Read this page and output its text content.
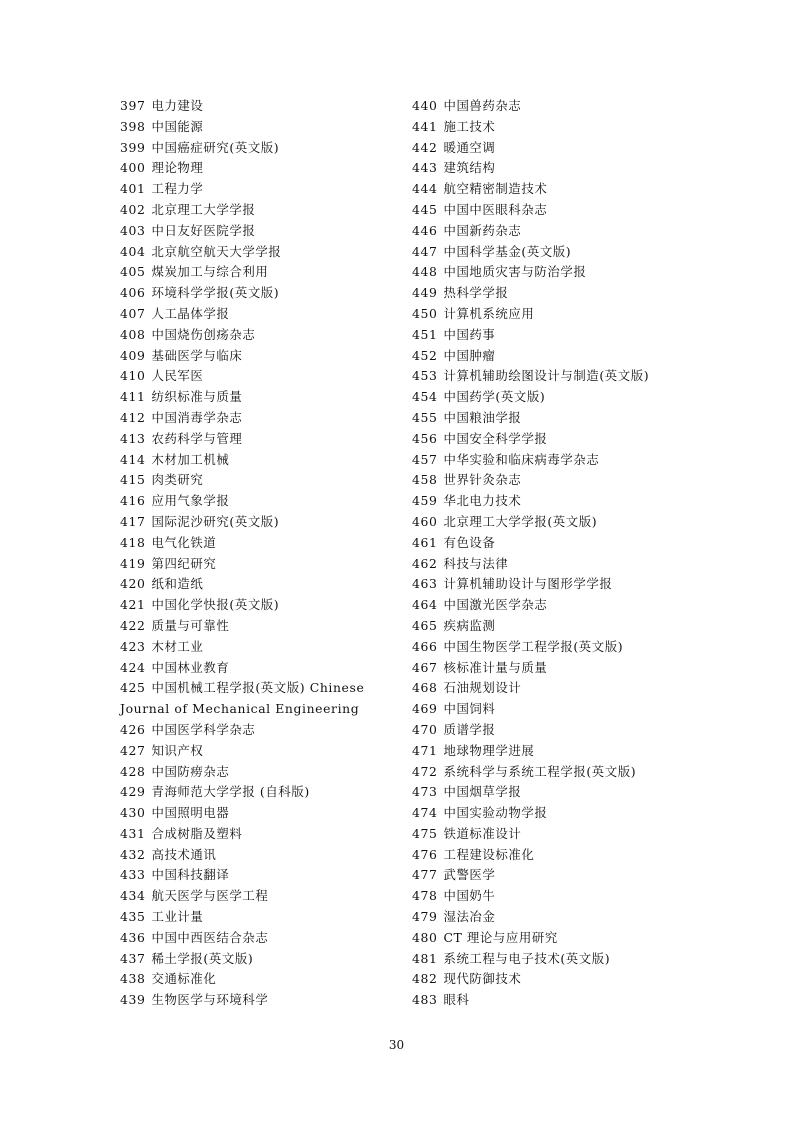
397 电力建设
398 中国能源
399 中国癌症研究(英文版)
400 理论物理
401 工程力学
402 北京理工大学学报
403 中日友好医院学报
404 北京航空航天大学学报
405 煤炭加工与综合利用
406 环境科学学报(英文版)
407 人工晶体学报
408 中国烧伤创疡杂志
409 基础医学与临床
410 人民军医
411 纺织标准与质量
412 中国消毒学杂志
413 农药科学与管理
414 木材加工机械
415 肉类研究
416 应用气象学报
417 国际泥沙研究(英文版)
418 电气化铁道
419 第四纪研究
420 纸和造纸
421 中国化学快报(英文版)
422 质量与可靠性
423 木材工业
424 中国林业教育
425 中国机械工程学报(英文版) Chinese Journal of Mechanical Engineering
426 中国医学科学杂志
427 知识产权
428 中国防痨杂志
429 青海师范大学学报 (自科版)
430 中国照明电器
431 合成树脂及塑料
432 高技术通讯
433 中国科技翻译
434 航天医学与医学工程
435 工业计量
436 中国中西医结合杂志
437 稀土学报(英文版)
438 交通标准化
439 生物医学与环境科学
440 中国兽药杂志
441 施工技术
442 暖通空调
443 建筑结构
444 航空精密制造技术
445 中国中医眼科杂志
446 中国新药杂志
447 中国科学基金(英文版)
448 中国地质灾害与防治学报
449 热科学学报
450 计算机系统应用
451 中国药事
452 中国肿瘤
453 计算机辅助绘图设计与制造(英文版)
454 中国药学(英文版)
455 中国粮油学报
456 中国安全科学学报
457 中华实验和临床病毒学杂志
458 世界针灸杂志
459 华北电力技术
460 北京理工大学学报(英文版)
461 有色设备
462 科技与法律
463 计算机辅助设计与图形学学报
464 中国激光医学杂志
465 疾病监测
466 中国生物医学工程学报(英文版)
467 核标准计量与质量
468 石油规划设计
469 中国饲料
470 质谱学报
471 地球物理学进展
472 系统科学与系统工程学报(英文版)
473 中国烟草学报
474 中国实验动物学报
475 铁道标准设计
476 工程建设标准化
477 武警医学
478 中国奶牛
479 湿法冶金
480 CT 理论与应用研究
481 系统工程与电子技术(英文版)
482 现代防御技术
483 眼科
30
